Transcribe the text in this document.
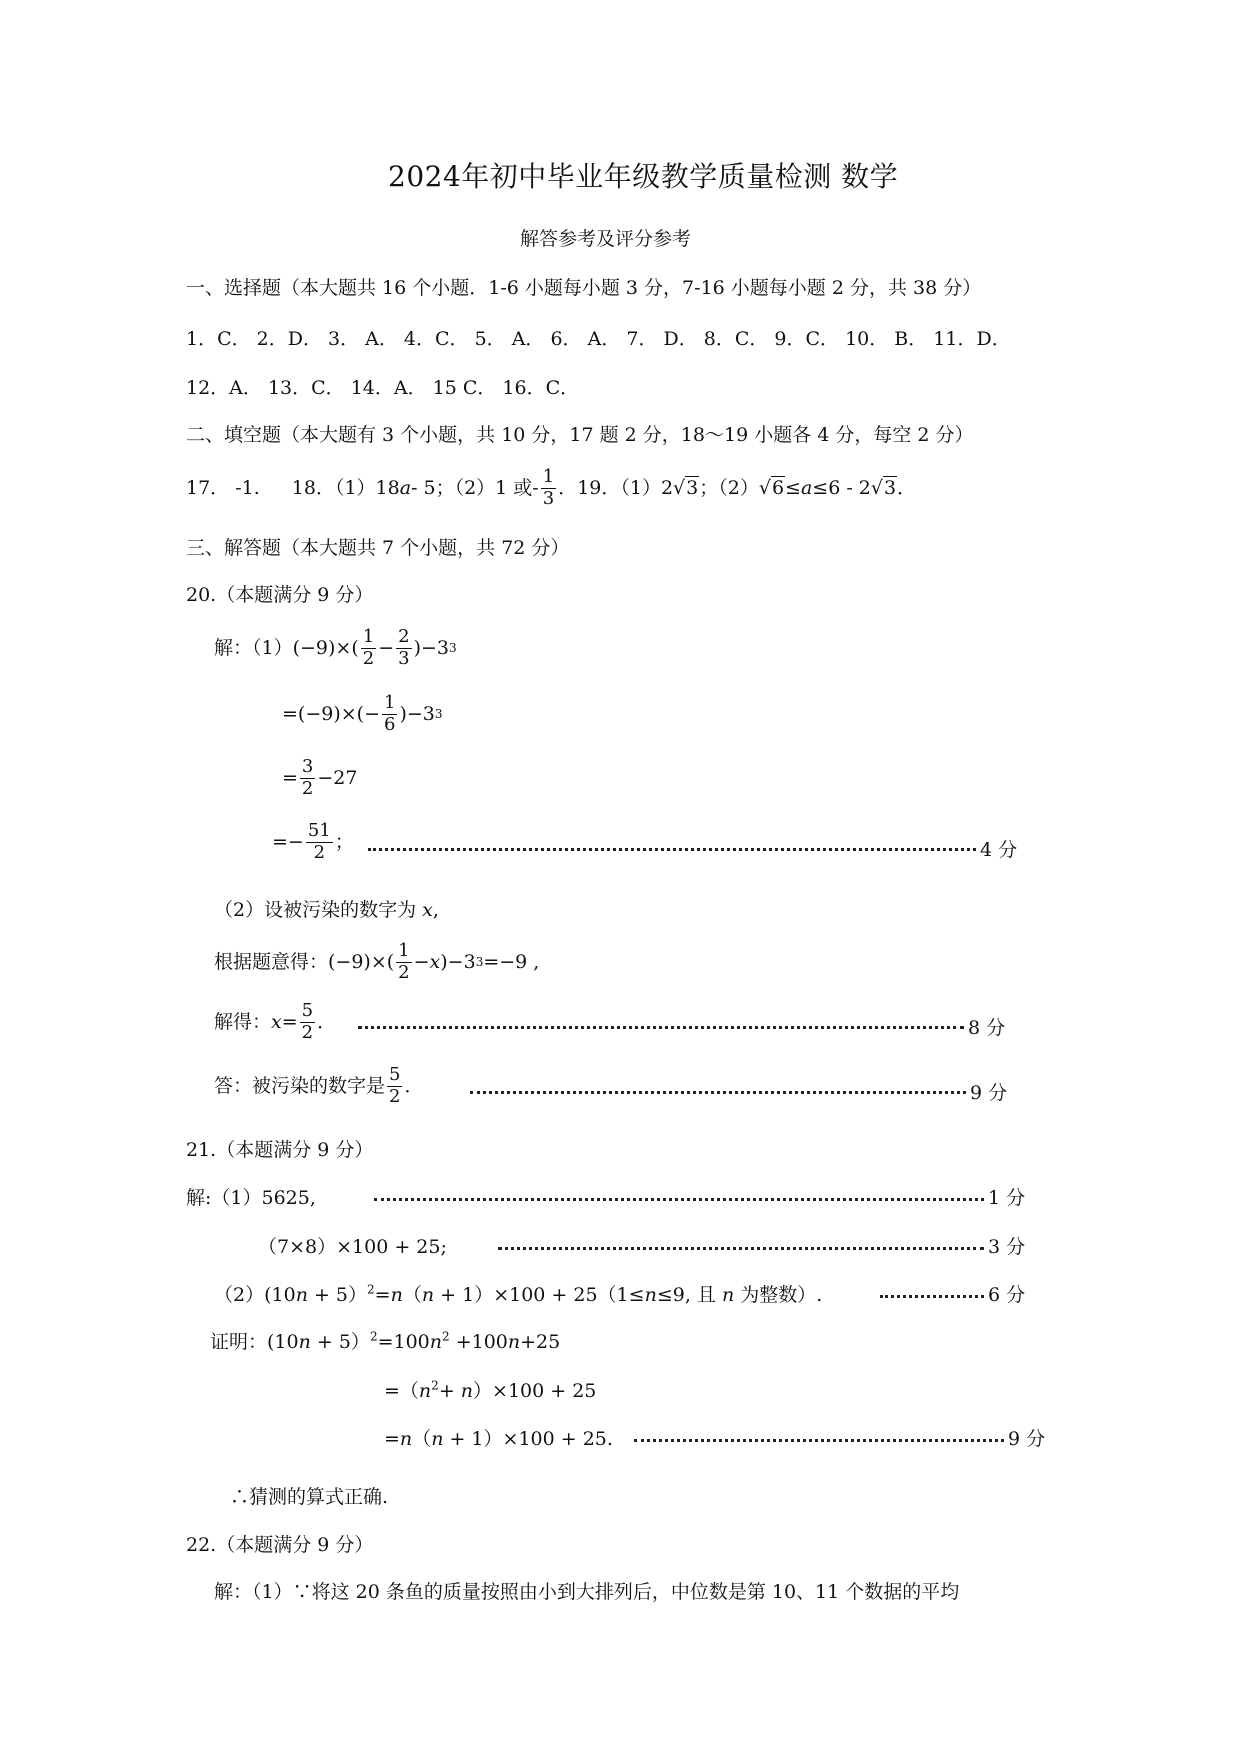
2024年初中毕业年级教学质量检测 数学
解答参考及评分参考
一、选择题（本大题共 16 个小题．1-6 小题每小题 3 分，7-16 小题每小题 2 分，共 38 分）
1．C． 2．D． 3． A． 4．C． 5． A． 6． A． 7． D． 8．C． 9．C． 10． B． 11．D．
12．A． 13．C． 14．A． 15 C． 16．C．
二、填空题（本大题有 3 个小题，共 10 分，17 题 2 分，18～19 小题各 4 分，每空 2 分）
17． -1. 18．（1）18 a - 5；（2）1 或- $\frac{1}{3}$ ．19．（1）2 √3 ；（2） √6 ≤ a ≤6 - 2 √3 ．
三、解答题（本大题共 7 个小题，共 72 分）
20.（本题满分 9 分）
解：（1） $(-9)\times( \frac{1}{2} - \frac{2}{3} )-3$ 3
$=(-9)\times(- \frac{1}{6} )-3$ 3
= $\frac{3}{2} -27$
=− $\frac{51}{2}$ ；	4 分
（2）设被污染的数字为 x,
根据题意得：$(-9)\times( \frac{1}{2} - x$ )−3 3 =−9 ,
解得： $x = \frac{5}{2}$ ．	8 分
答：被污染的数字是 $\frac{5}{2}$ ．	9 分
21.（本题满分 9 分）
解:（1）5625,	1 分
（7×8）×100 + 25;	3 分
（2）(10n + 5）$^2$=n（n + 1）×100 + 25（1≤n≤9, 且 n 为整数）.	6 分
证明：$(10n + 5)^2=100n^2 +100n+25$
$=(n^2+ n)\times 100 + 25$
=n（n + 1）×100 + 25.	9 分
∴猜测的算式正确.
22.（本题满分 9 分）
解：（1）∵将这 20 条鱼的质量按照由小到大排列后，中位数是第 10、11 个数据的平均
